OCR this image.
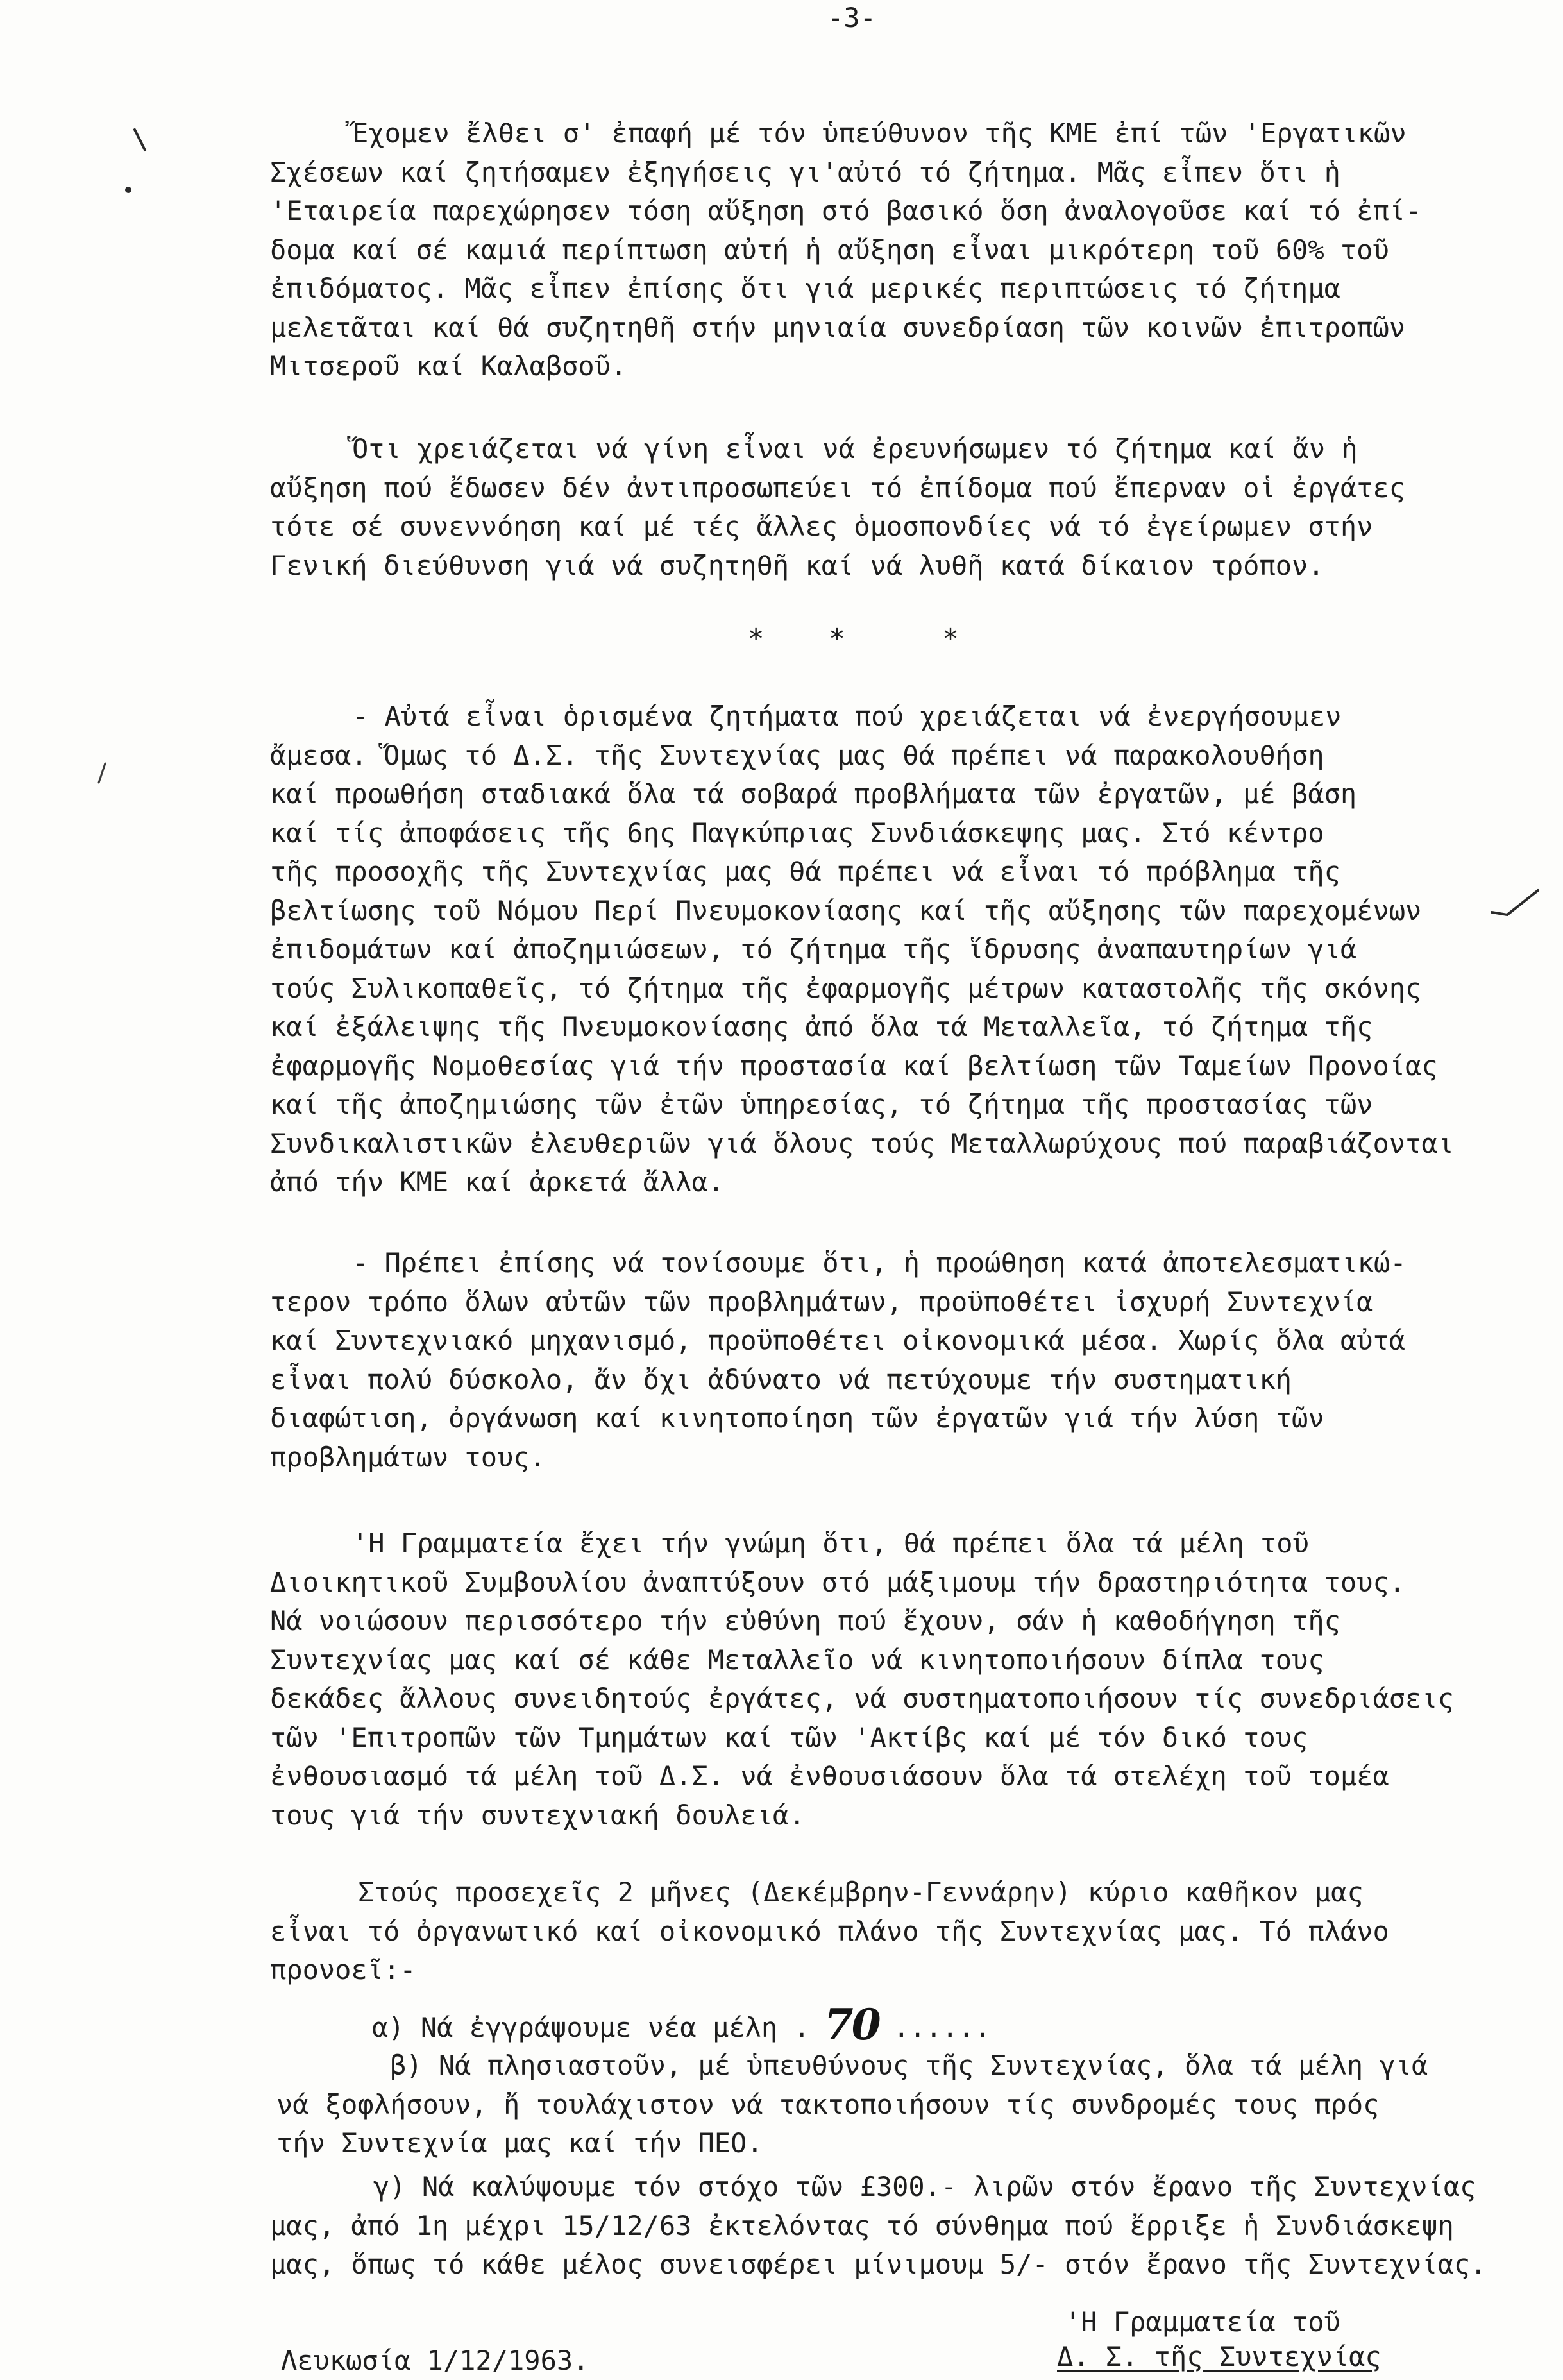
-3-
Ἔχομεν ἔλθει σ' ἐπαφή μέ τόν ὑπεύθυνον τῆς ΚΜΕ ἐπί τῶν 'Εργατικῶν
Σχέσεων καί ζητήσαμεν ἐξηγήσεις γι'αὐτό τό ζήτημα. Μᾶς εἶπεν ὅτι ἡ
'Εταιρεία παρεχώρησεν τόση αὔξηση στό βασικό ὅση ἀναλογοῦσε καί τό ἐπί-
δομα καί σέ καμιά περίπτωση αὐτή ἡ αὔξηση εἶναι μικρότερη τοῦ 60% τοῦ
ἐπιδόματος. Μᾶς εἶπεν ἐπίσης ὅτι γιά μερικές περιπτώσεις τό ζήτημα
μελετᾶται καί θά συζητηθῆ στήν μηνιαία συνεδρίαση τῶν κοινῶν ἐπιτροπῶν
Μιτσεροῦ καί Καλαβσοῦ.
Ὅτι χρειάζεται νά γίνη εἶναι νά ἐρευνήσωμεν τό ζήτημα καί ἄν ἡ
αὔξηση πού ἔδωσεν δέν ἀντιπροσωπεύει τό ἐπίδομα πού ἔπερναν οἱ ἐργάτες
τότε σέ συνεννόηση καί μέ τές ἄλλες ὁμοσπονδίες νά τό ἐγείρωμεν στήν
Γενική διεύθυνση γιά νά συζητηθῆ καί νά λυθῆ κατά δίκαιον τρόπον.
*    *      *
- Αὐτά εἶναι ὁρισμένα ζητήματα πού χρειάζεται νά ἐνεργήσουμεν
ἄμεσα. Ὅμως τό Δ.Σ. τῆς Συντεχνίας μας θά πρέπει νά παρακολουθήση
καί προωθήση σταδιακά ὅλα τά σοβαρά προβλήματα τῶν ἐργατῶν, μέ βάση
καί τίς ἀποφάσεις τῆς 6ης Παγκύπριας Συνδιάσκεψης μας. Στό κέντρο
τῆς προσοχῆς τῆς Συντεχνίας μας θά πρέπει νά εἶναι τό πρόβλημα τῆς
βελτίωσης τοῦ Νόμου Περί Πνευμοκονίασης καί τῆς αὔξησης τῶν παρεχομένων
ἐπιδομάτων καί ἀποζημιώσεων, τό ζήτημα τῆς ἵδρυσης ἀναπαυτηρίων γιά
τούς Συλικοπαθεῖς, τό ζήτημα τῆς ἐφαρμογῆς μέτρων καταστολῆς τῆς σκόνης
καί ἐξάλειψης τῆς Πνευμοκονίασης ἀπό ὅλα τά Μεταλλεῖα, τό ζήτημα τῆς
ἐφαρμογῆς Νομοθεσίας γιά τήν προστασία καί βελτίωση τῶν Ταμείων Προνοίας
καί τῆς ἀποζημιώσης τῶν ἐτῶν ὑπηρεσίας, τό ζήτημα τῆς προστασίας τῶν
Συνδικαλιστικῶν ἐλευθεριῶν γιά ὅλους τούς Μεταλλωρύχους πού παραβιάζονται
ἀπό τήν ΚΜΕ καί ἀρκετά ἄλλα.
- Πρέπει ἐπίσης νά τονίσουμε ὅτι, ἡ προώθηση κατά ἀποτελεσματικώ-
τερον τρόπο ὅλων αὐτῶν τῶν προβλημάτων, προϋποθέτει ἰσχυρή Συντεχνία
καί Συντεχνιακό μηχανισμό, προϋποθέτει οἰκονομικά μέσα. Χωρίς ὅλα αὐτά
εἶναι πολύ δύσκολο, ἄν ὄχι ἀδύνατο νά πετύχουμε τήν συστηματική
διαφώτιση, ὀργάνωση καί κινητοποίηση τῶν ἐργατῶν γιά τήν λύση τῶν
προβλημάτων τους.
'Η Γραμματεία ἔχει τήν γνώμη ὅτι, θά πρέπει ὅλα τά μέλη τοῦ
Διοικητικοῦ Συμβουλίου ἀναπτύξουν στό μάξιμουμ τήν δραστηριότητα τους.
Νά νοιώσουν περισσότερο τήν εὐθύνη πού ἔχουν, σάν ἡ καθοδήγηση τῆς
Συντεχνίας μας καί σέ κάθε Μεταλλεῖο νά κινητοποιήσουν δίπλα τους
δεκάδες ἄλλους συνειδητούς ἐργάτες, νά συστηματοποιήσουν τίς συνεδριάσεις
τῶν 'Επιτροπῶν τῶν Τμημάτων καί τῶν 'Ακτίβς καί μέ τόν δικό τους
ἐνθουσιασμό τά μέλη τοῦ Δ.Σ. νά ἐνθουσιάσουν ὅλα τά στελέχη τοῦ τομέα
τους γιά τήν συντεχνιακή δουλειά.
Στούς προσεχεῖς 2 μῆνες (Δεκέμβρην-Γεννάρην) κύριο καθῆκον μας
εἶναι τό ὀργανωτικό καί οἰκονομικό πλάνο τῆς Συντεχνίας μας. Τό πλάνο
προνοεῖ:-
α) Νά ἐγγράψουμε νέα μέλη . 70 ......
β) Νά πλησιαστοῦν, μέ ὑπευθύνους τῆς Συντεχνίας, ὅλα τά μέλη γιά
νά ξοφλήσουν, ἤ τουλάχιστον νά τακτοποιήσουν τίς συνδρομές τους πρός
τήν Συντεχνία μας καί τήν ΠΕΟ.
γ) Νά καλύψουμε τόν στόχο τῶν £300.- λιρῶν στόν ἔρανο τῆς Συντεχνίας
μας, ἀπό 1η μέχρι 15/12/63 ἐκτελόντας τό σύνθημα πού ἔρριξε ἡ Συνδιάσκεψη
μας, ὅπως τό κάθε μέλος συνεισφέρει μίνιμουμ 5/- στόν ἔρανο τῆς Συντεχνίας.
'Η Γραμματεία τοῦ
Δ. Σ. τῆς Συντεχνίας
Λευκωσία 1/12/1963.
